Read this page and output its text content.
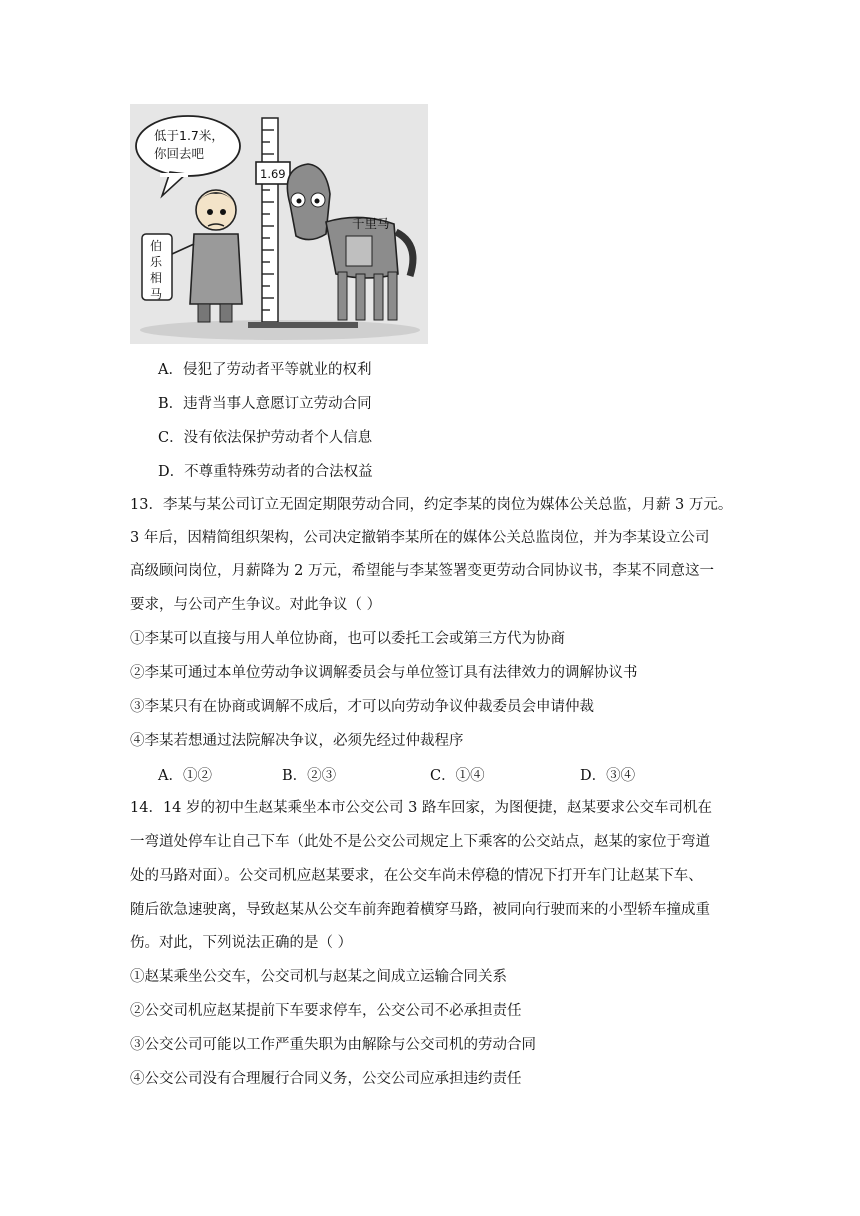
低于1.7米，
你回去吧
1.69
伯
乐
相
马
千里马
A．侵犯了劳动者平等就业的权利
B．违背当事人意愿订立劳动合同
C．没有依法保护劳动者个人信息
D．不尊重特殊劳动者的合法权益
13．李某与某公司订立无固定期限劳动合同，约定李某的岗位为媒体公关总监，月薪 3 万元。
3 年后，因精简组织架构，公司决定撤销李某所在的媒体公关总监岗位，并为李某设立公司
高级顾问岗位，月薪降为 2 万元，希望能与李某签署变更劳动合同协议书，李某不同意这一
要求，与公司产生争议。对此争议（ ）
①李某可以直接与用人单位协商，也可以委托工会或第三方代为协商
②李某可通过本单位劳动争议调解委员会与单位签订具有法律效力的调解协议书
③李某只有在协商或调解不成后，才可以向劳动争议仲裁委员会申请仲裁
④李某若想通过法院解决争议，必须先经过仲裁程序
A．①②	B．②③	C．①④	D．③④
14．14 岁的初中生赵某乘坐本市公交公司 3 路车回家，为图便捷，赵某要求公交车司机在
一弯道处停车让自己下车（此处不是公交公司规定上下乘客的公交站点，赵某的家位于弯道
处的马路对面）。公交司机应赵某要求，在公交车尚未停稳的情况下打开车门让赵某下车、
随后欲急速驶离，导致赵某从公交车前奔跑着横穿马路，被同向行驶而来的小型轿车撞成重
伤。对此，下列说法正确的是（ ）
①赵某乘坐公交车，公交司机与赵某之间成立运输合同关系
②公交司机应赵某提前下车要求停车，公交公司不必承担责任
③公交公司可能以工作严重失职为由解除与公交司机的劳动合同
④公交公司没有合理履行合同义务，公交公司应承担违约责任
